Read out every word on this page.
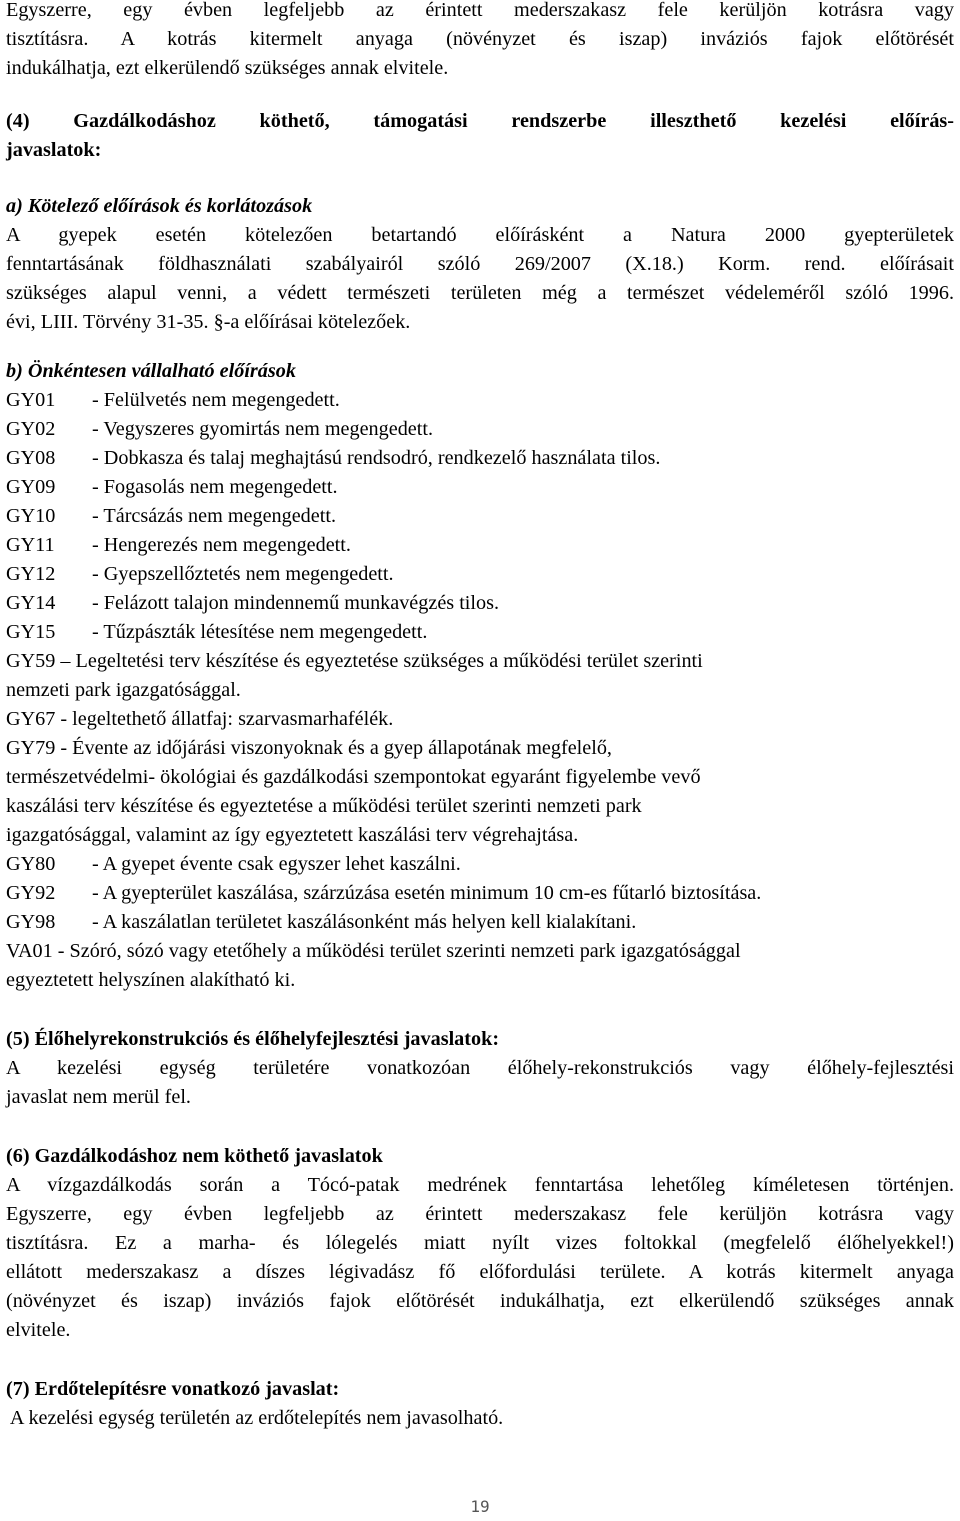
Egyszerre, egy évben legfeljebb az érintett mederszakasz fele kerüljön kotrásra vagy

tisztításra. A kotrás kitermelt anyaga (növényzet és iszap) inváziós fajok előtörését

indukálhatja, ezt elkerülendő szükséges annak elvitele.

(4) Gazdálkodáshoz köthető, támogatási rendszerbe illeszthető kezelési előírás-

javaslatok:

a) Kötelező előírások és korlátozások

A gyepek esetén kötelezően betartandó előírásként a Natura 2000 gyepterületek

fenntartásának földhasználati szabályairól szóló 269/2007 (X.18.) Korm. rend. előírásait

szükséges alapul venni, a védett természeti területen még a természet védeleméről szóló 1996.

évi, LIII. Törvény 31-35. §-a előírásai kötelezőek.

b) Önkéntesen vállalható előírások

GY01	- Felülvetés nem megengedett.
GY02	- Vegyszeres gyomirtás nem megengedett.
GY08	- Dobkasza és talaj meghajtású rendsodró, rendkezelő használata tilos.
GY09	- Fogasolás nem megengedett.
GY10	- Tárcsázás nem megengedett.
GY11	- Hengerezés nem megengedett.
GY12	- Gyepszellőztetés nem megengedett.
GY14	- Felázott talajon mindennemű munkavégzés tilos.
GY15	- Tűzpászták létesítése nem megengedett.

GY59 – Legeltetési terv készítése és egyeztetése szükséges a működési terület szerinti

nemzeti park igazgatósággal.

GY67 - legeltethető állatfaj: szarvasmarhafélék.

GY79 - Évente az időjárási viszonyoknak és a gyep állapotának megfelelő,

természetvédelmi- ökológiai és gazdálkodási szempontokat egyaránt figyelembe vevő

kaszálási terv készítése és egyeztetése a működési terület szerinti nemzeti park

igazgatósággal, valamint az így egyeztetett kaszálási terv végrehajtása.

GY80	- A gyepet évente csak egyszer lehet kaszálni.
GY92	- A gyepterület kaszálása, szárzúzása esetén minimum 10 cm-es fűtarló biztosítása.
GY98	- A kaszálatlan területet kaszálásonként más helyen kell kialakítani.

VA01 - Szóró, sózó vagy etetőhely a működési terület szerinti nemzeti park igazgatósággal

egyeztetett helyszínen alakítható ki.

(5) Élőhelyrekonstrukciós és élőhelyfejlesztési javaslatok:

A kezelési egység területére vonatkozóan élőhely-rekonstrukciós vagy élőhely-fejlesztési

javaslat nem merül fel.

(6) Gazdálkodáshoz nem köthető javaslatok

A vízgazdálkodás során a Tócó-patak medrének fenntartása lehetőleg kíméletesen történjen.

Egyszerre, egy évben legfeljebb az érintett mederszakasz fele kerüljön kotrásra vagy

tisztításra. Ez a marha- és lólegelés miatt nyílt vizes foltokkal (megfelelő élőhelyekkel!)

ellátott mederszakasz a díszes légivadász fő előfordulási területe. A kotrás kitermelt anyaga

(növényzet és iszap) inváziós fajok előtörését indukálhatja, ezt elkerülendő szükséges annak

elvitele.

(7) Erdőtelepítésre vonatkozó javaslat:

A kezelési egység területén az erdőtelepítés nem javasolható.

19
